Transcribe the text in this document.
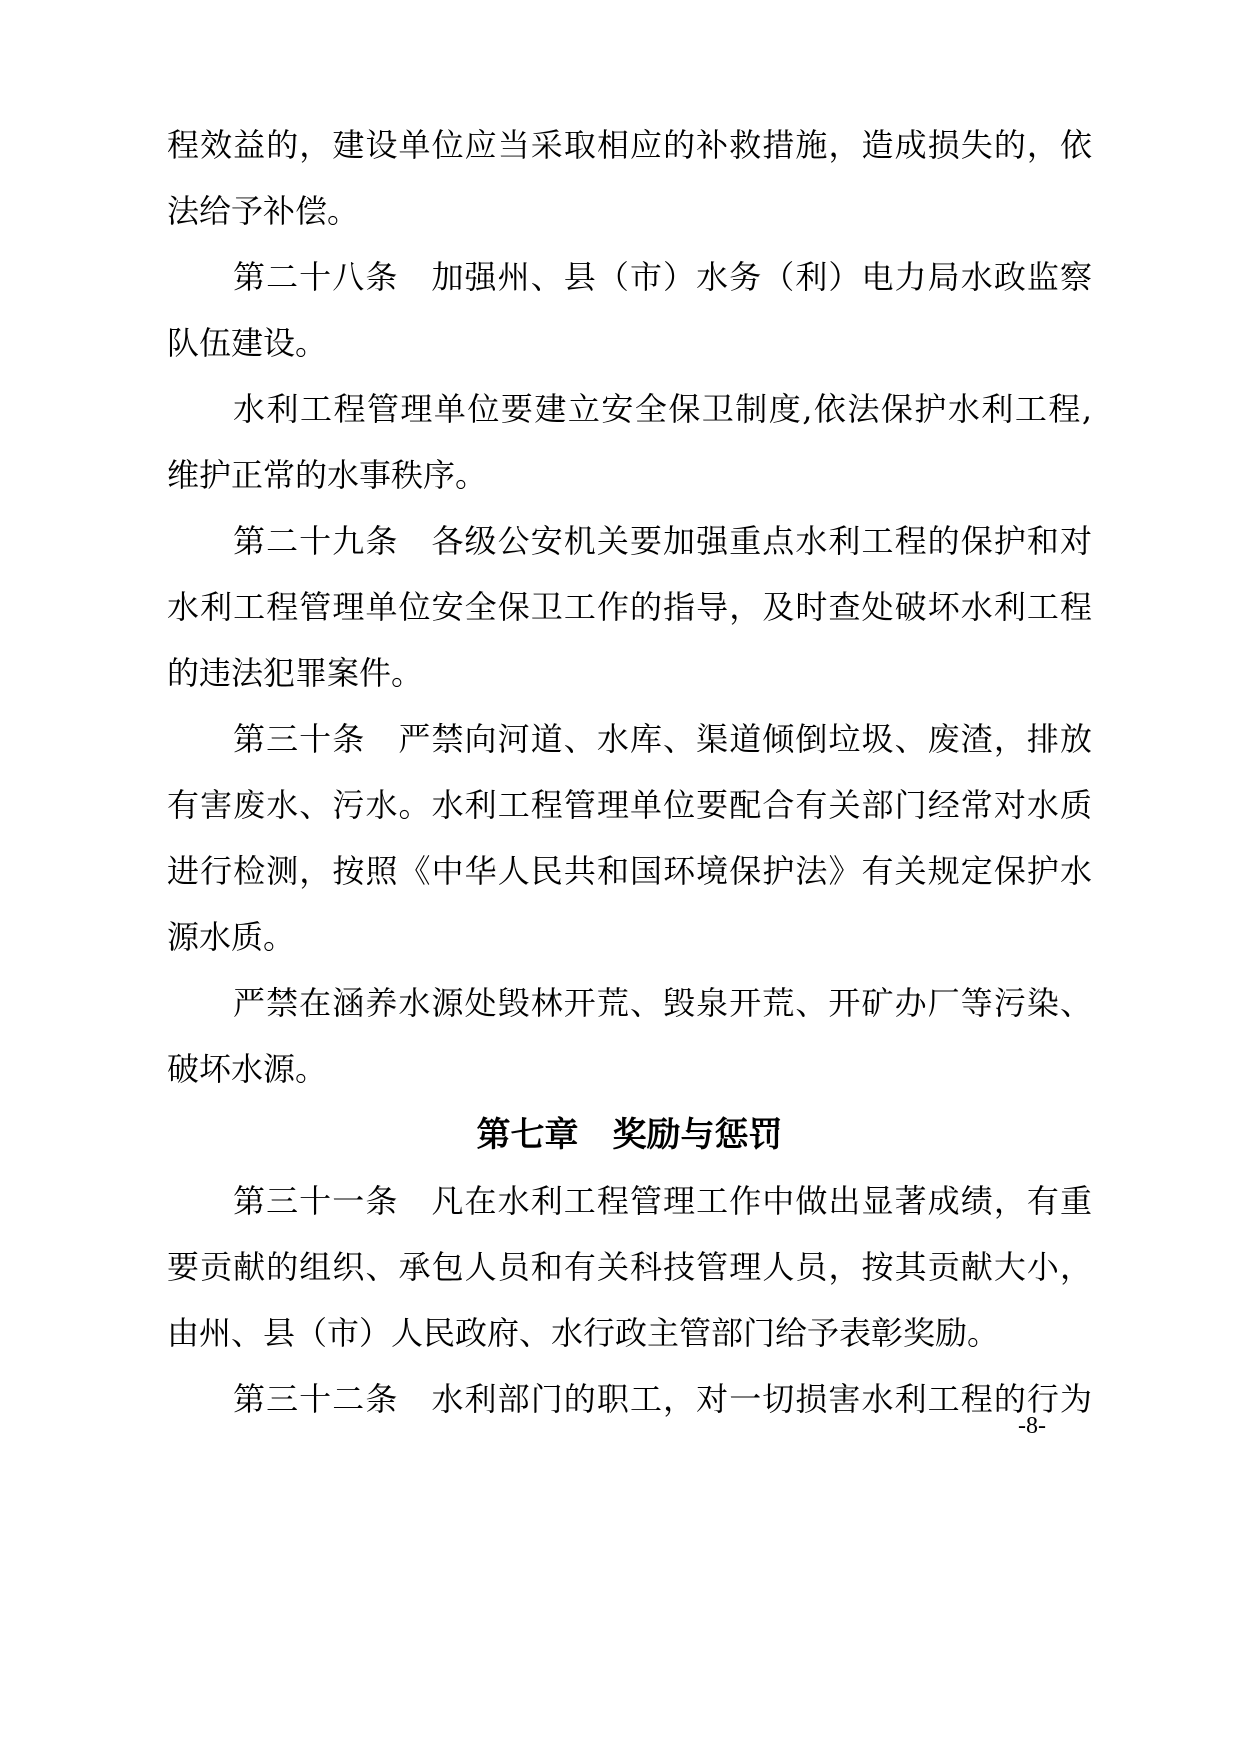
程效益的，建设单位应当采取相应的补救措施，造成损失的，依
法给予补偿。
第二十八条　加强州、县（市）水务（利）电力局水政监察
队伍建设。
水利工程管理单位要建立安全保卫制度,依法保护水利工程,
维护正常的水事秩序。
第二十九条　各级公安机关要加强重点水利工程的保护和对
水利工程管理单位安全保卫工作的指导，及时查处破坏水利工程
的违法犯罪案件。
第三十条　严禁向河道、水库、渠道倾倒垃圾、废渣，排放
有害废水、污水。水利工程管理单位要配合有关部门经常对水质
进行检测，按照《中华人民共和国环境保护法》有关规定保护水
源水质。
严禁在涵养水源处毁林开荒、毁泉开荒、开矿办厂等污染、
破坏水源。
第七章　奖励与惩罚
第三十一条　凡在水利工程管理工作中做出显著成绩，有重
要贡献的组织、承包人员和有关科技管理人员，按其贡献大小，
由州、县（市）人民政府、水行政主管部门给予表彰奖励。
第三十二条　水利部门的职工，对一切损害水利工程的行为
-8-
